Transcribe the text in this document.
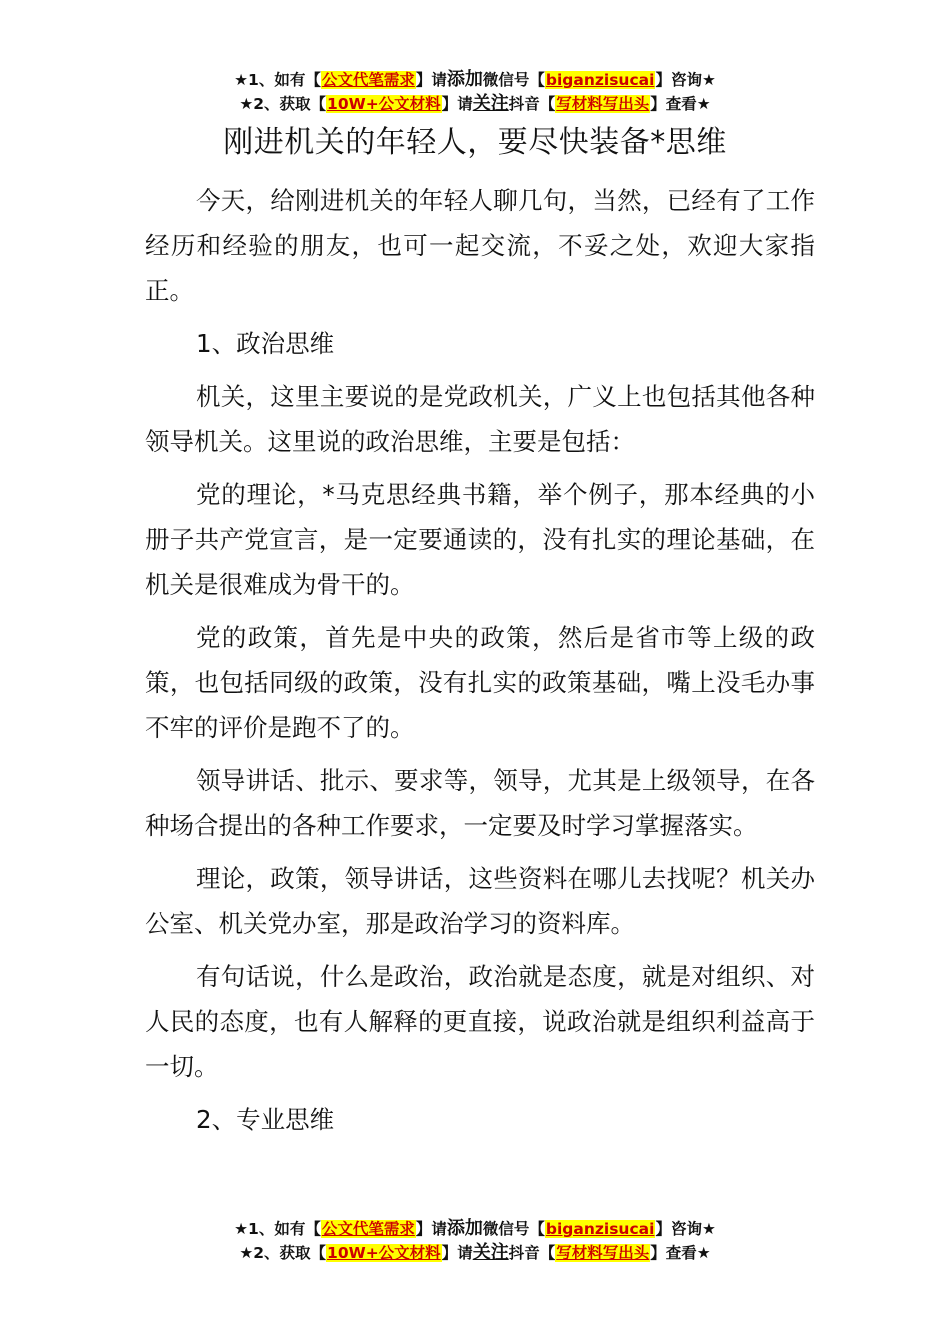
★1、如有【公文代笔需求】请添加微信号【biganzisucai】咨询★
★2、获取【10W+公文材料】请关注抖音【写材料写出头】查看★
刚进机关的年轻人，要尽快装备*思维

今天，给刚进机关的年轻人聊几句，当然，已经有了工作经历和经验的朋友，也可一起交流，不妥之处，欢迎大家指正。

1、政治思维

机关，这里主要说的是党政机关，广义上也包括其他各种领导机关。这里说的政治思维，主要是包括：

党的理论，*马克思经典书籍，举个例子，那本经典的小册子共产党宣言，是一定要通读的，没有扎实的理论基础，在机关是很难成为骨干的。

党的政策，首先是中央的政策，然后是省市等上级的政策，也包括同级的政策，没有扎实的政策基础，嘴上没毛办事不牢的评价是跑不了的。

领导讲话、批示、要求等，领导，尤其是上级领导，在各种场合提出的各种工作要求，一定要及时学习掌握落实。

理论，政策，领导讲话，这些资料在哪儿去找呢？机关办公室、机关党办室，那是政治学习的资料库。

有句话说，什么是政治，政治就是态度，就是对组织、对人民的态度，也有人解释的更直接，说政治就是组织利益高于一切。

2、专业思维

★1、如有【公文代笔需求】请添加微信号【biganzisucai】咨询★
★2、获取【10W+公文材料】请关注抖音【写材料写出头】查看★
